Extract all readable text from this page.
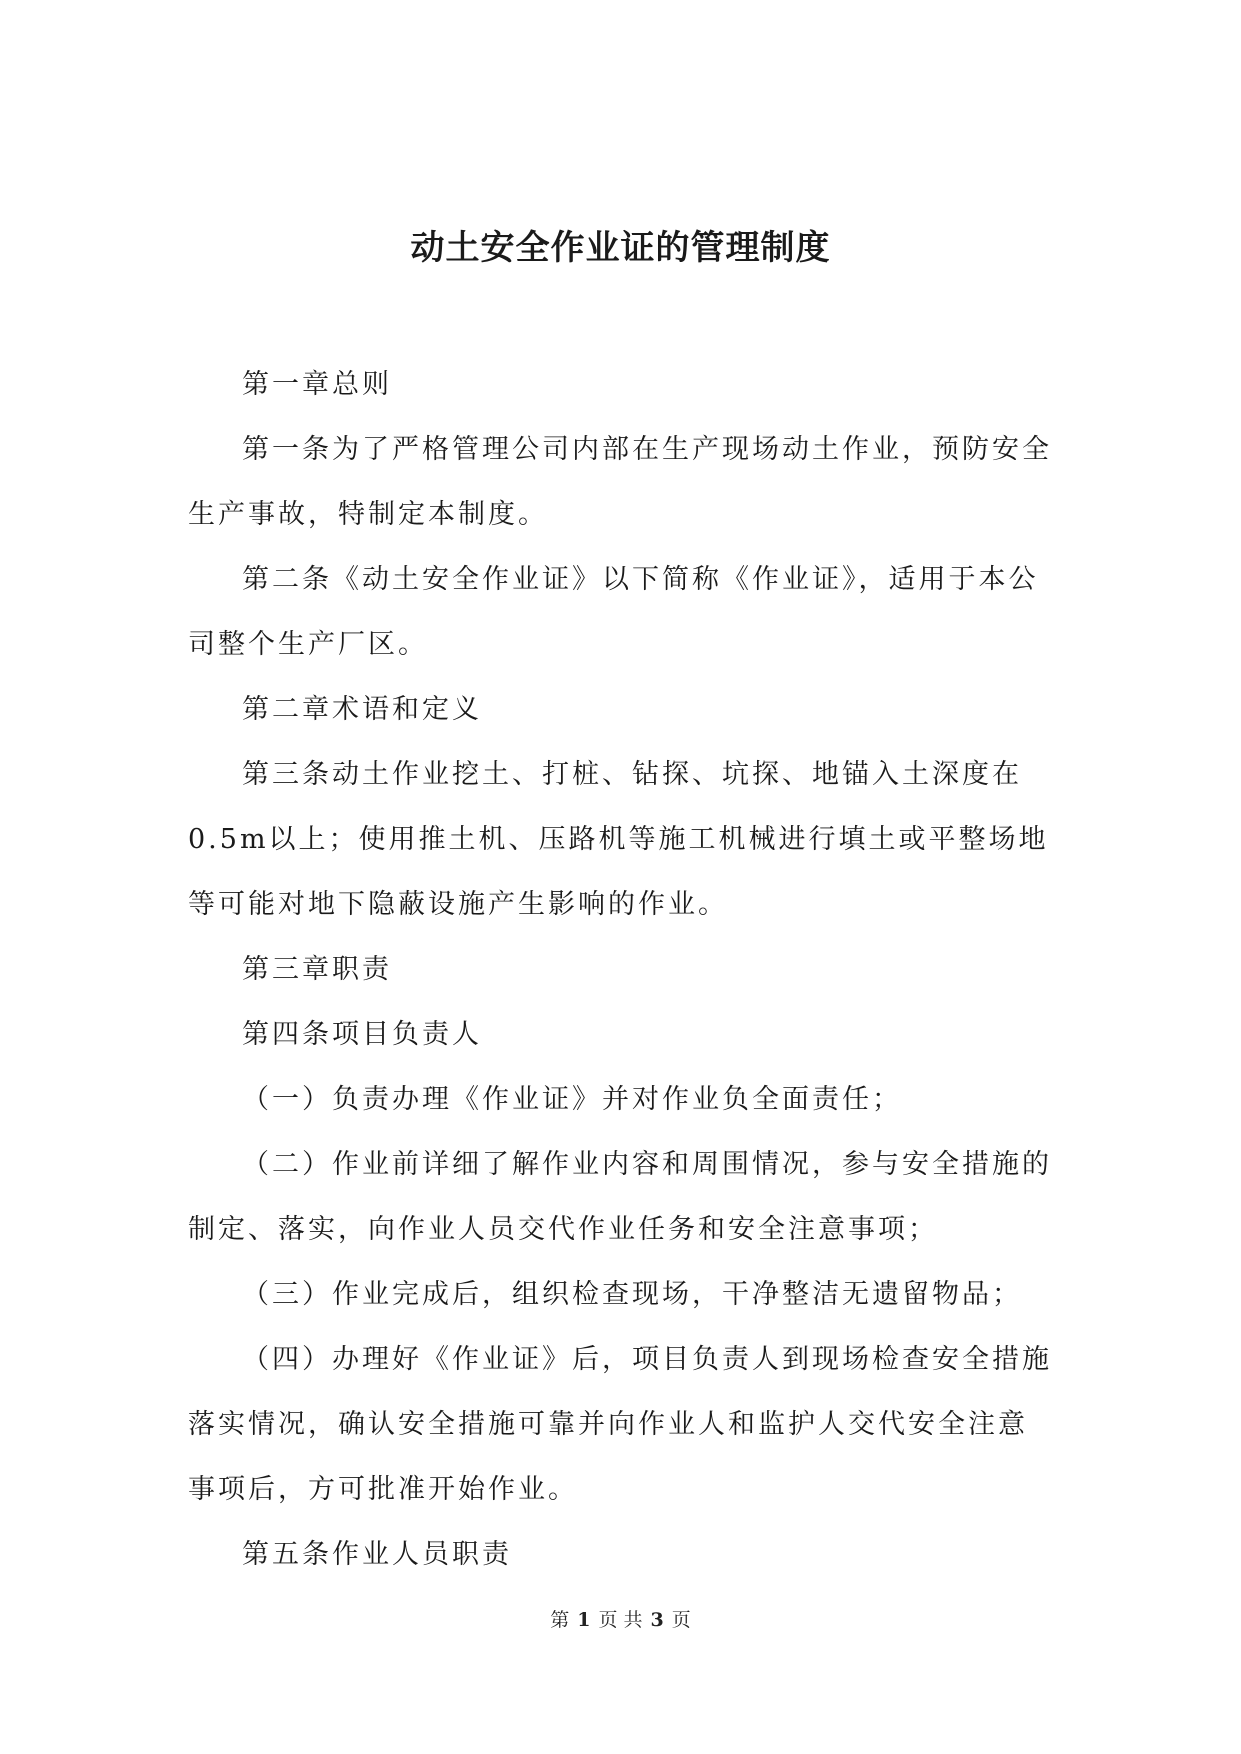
动土安全作业证的管理制度

第一章总则

第一条为了严格管理公司内部在生产现场动土作业，预防安全生产事故，特制定本制度。

第二条《动土安全作业证》以下简称《作业证》，适用于本公司整个生产厂区。

第二章术语和定义

第三条动土作业挖土、打桩、钻探、坑探、地锚入土深度在0.5m以上；使用推土机、压路机等施工机械进行填土或平整场地等可能对地下隐蔽设施产生影响的作业。

第三章职责

第四条项目负责人

（一）负责办理《作业证》并对作业负全面责任；

（二）作业前详细了解作业内容和周围情况，参与安全措施的制定、落实，向作业人员交代作业任务和安全注意事项；

（三）作业完成后，组织检查现场，干净整洁无遗留物品；

（四）办理好《作业证》后，项目负责人到现场检查安全措施落实情况，确认安全措施可靠并向作业人和监护人交代安全注意事项后，方可批准开始作业。

第五条作业人员职责

第 1 页 共 3 页
